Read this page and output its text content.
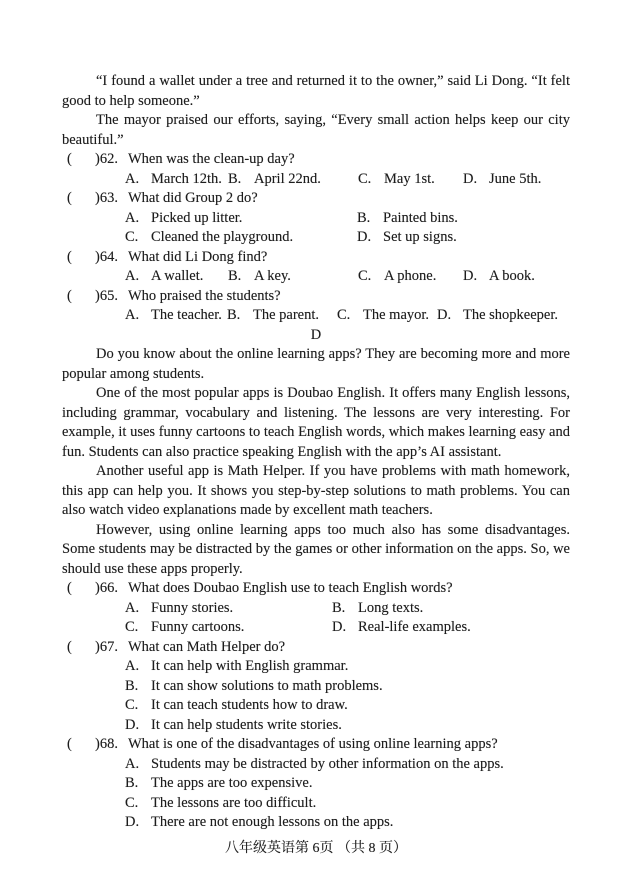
“I found a wallet under a tree and returned it to the owner,” said Li Dong. “It felt good to help someone.”

The mayor praised our efforts, saying, “Every small action helps keep our city beautiful.”

(	)62. When was the clean-up day?
A. March 12th. B. April 22nd.	C. May 1st.	D. June 5th.
(	)63. What did Group 2 do?
A. Picked up litter.	B. Painted bins.
C. Cleaned the playground.	D. Set up signs.
(	)64. What did Li Dong find?
A. A wallet.	B. A key.	C. A phone.	D. A book.
(	)65. Who praised the students?
A. The teacher. B. The parent.	C. The mayor. D. The shopkeeper.
D

Do you know about the online learning apps? They are becoming more and more popular among students.

One of the most popular apps is Doubao English. It offers many English lessons, including grammar, vocabulary and listening. The lessons are very interesting. For example, it uses funny cartoons to teach English words, which makes learning easy and fun. Students can also practice speaking English with the app’s AI assistant.

Another useful app is Math Helper. If you have problems with math homework, this app can help you. It shows you step-by-step solutions to math problems. You can also watch video explanations made by excellent math teachers.

However, using online learning apps too much also has some disadvantages. Some students may be distracted by the games or other information on the apps. So, we should use these apps properly.

(	)66. What does Doubao English use to teach English words?
A. Funny stories.	B. Long texts.
C. Funny cartoons.	D. Real-life examples.
(	)67. What can Math Helper do?
A. It can help with English grammar.
B. It can show solutions to math problems.
C. It can teach students how to draw.
D. It can help students write stories.
(	)68. What is one of the disadvantages of using online learning apps?
A. Students may be distracted by other information on the apps.
B. The apps are too expensive.
C. The lessons are too difficult.
D. There are not enough lessons on the apps.
八年级英语第 6页 （共 8 页）
